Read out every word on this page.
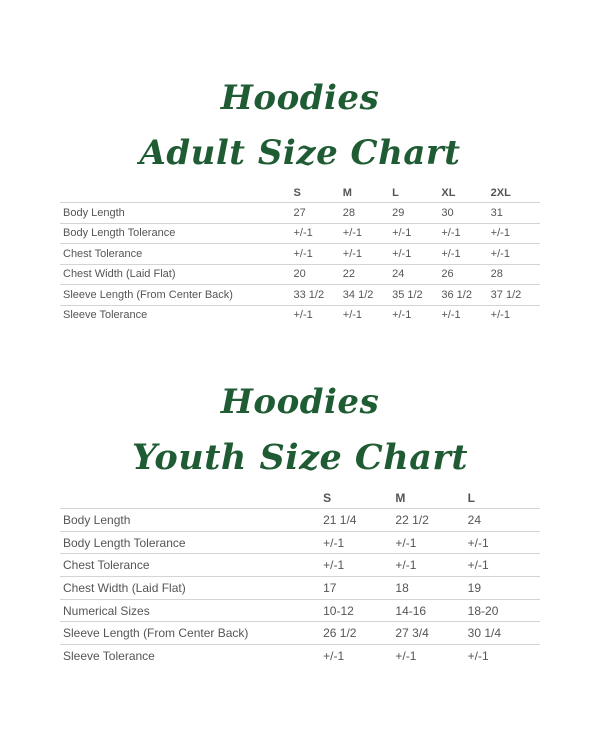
Hoodies
Adult Size Chart
	S	M	L	XL	2XL
Body Length	27	28	29	30	31
Body Length Tolerance	+/-1	+/-1	+/-1	+/-1	+/-1
Chest Tolerance	+/-1	+/-1	+/-1	+/-1	+/-1
Chest Width (Laid Flat)	20	22	24	26	28
Sleeve Length (From Center Back)	33 1/2	34 1/2	35 1/2	36 1/2	37 1/2
Sleeve Tolerance	+/-1	+/-1	+/-1	+/-1	+/-1
Hoodies
Youth Size Chart
	S	M	L
Body Length	21 1/4	22 1/2	24
Body Length Tolerance	+/-1	+/-1	+/-1
Chest Tolerance	+/-1	+/-1	+/-1
Chest Width (Laid Flat)	17	18	19
Numerical Sizes	10-12	14-16	18-20
Sleeve Length (From Center Back)	26 1/2	27 3/4	30 1/4
Sleeve Tolerance	+/-1	+/-1	+/-1
